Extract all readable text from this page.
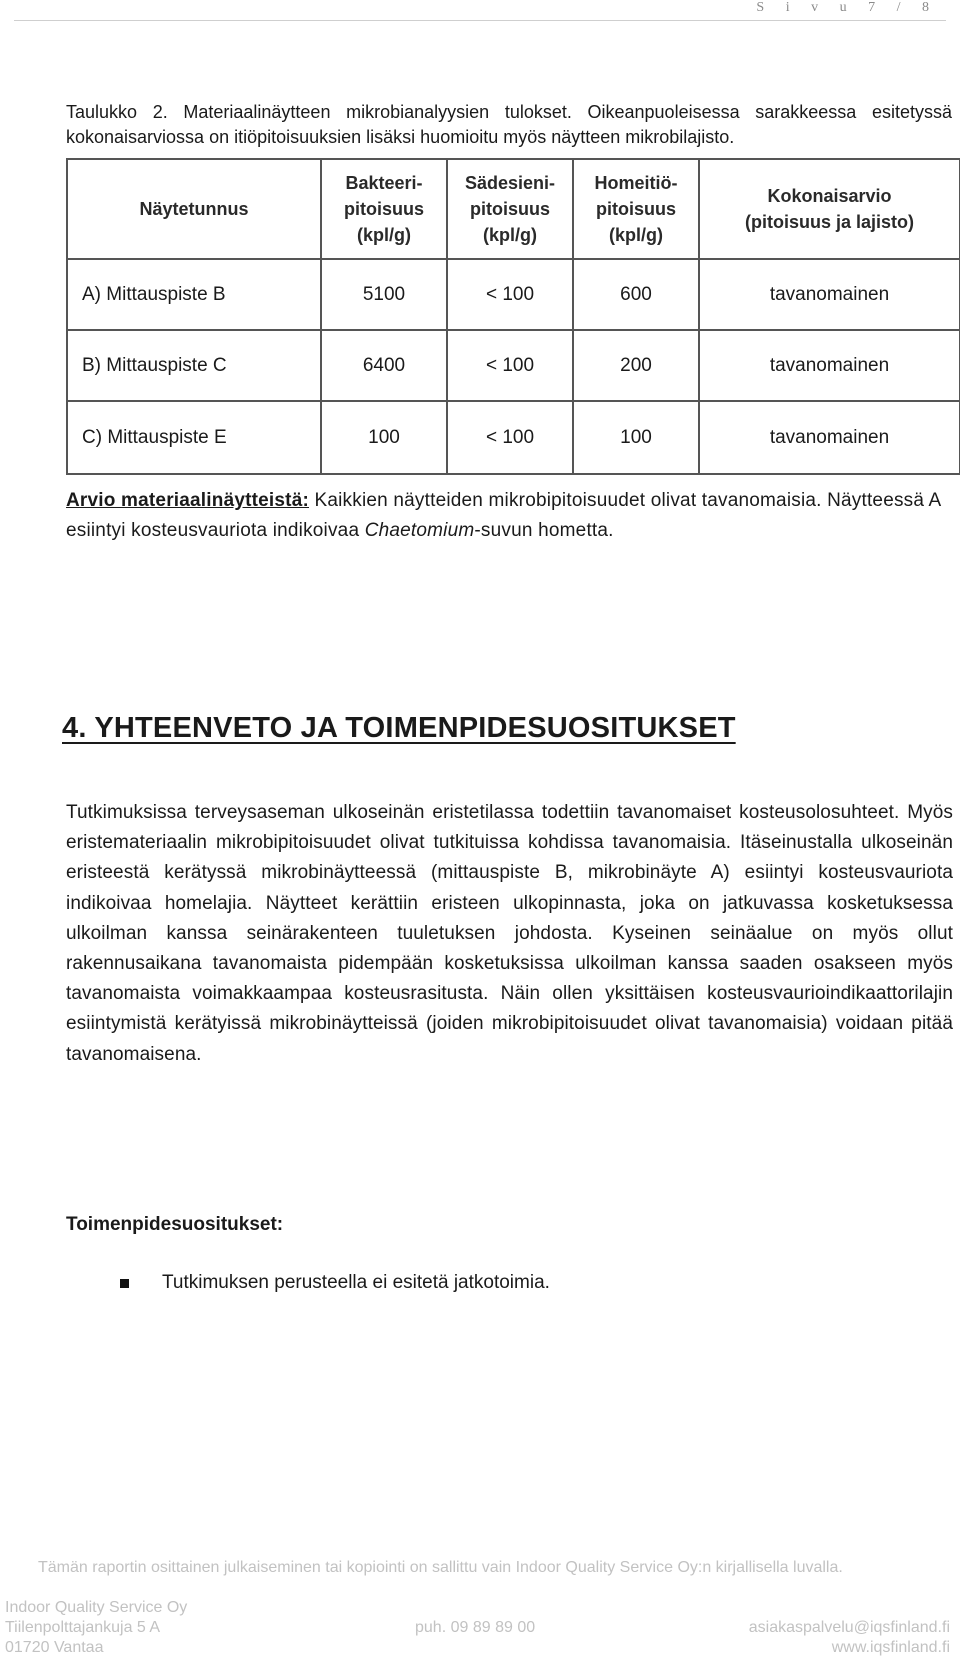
S i v u 7 / 8
Taulukko 2. Materiaalinäytteen mikrobianalyysien tulokset. Oikeanpuoleisessa sarakkeessa esitetyssä kokonaisarviossa on itiöpitoisuuksien lisäksi huomioitu myös näytteen mikrobilajisto.
Näytetunnus	Bakteeri-
pitoisuus
(kpl/g)	Sädesieni-
pitoisuus
(kpl/g)	Homeitiö-
pitoisuus
(kpl/g)	Kokonaisarvio
(pitoisuus ja lajisto)
A) Mittauspiste B	5100	< 100	600	tavanomainen
B) Mittauspiste C	6400	< 100	200	tavanomainen
C) Mittauspiste E	100	< 100	100	tavanomainen
Arvio materiaalinäytteistä: Kaikkien näytteiden mikrobipitoisuudet olivat tavanomaisia. Näytteessä A esiintyi kosteusvauriota indikoivaa Chaetomium-suvun hometta.
4. YHTEENVETO JA TOIMENPIDESUOSITUKSET
Tutkimuksissa terveysaseman ulkoseinän eristetilassa todettiin tavanomaiset kosteusolosuhteet. Myös eristemateriaalin mikrobipitoisuudet olivat tutkituissa kohdissa tavanomaisia. Itäseinustalla ulkoseinän eristeestä kerätyssä mikrobinäytteessä (mittauspiste B, mikrobinäyte A) esiintyi kosteusvauriota indikoivaa homelajia. Näytteet kerättiin eristeen ulkopinnasta, joka on jatkuvassa kosketuksessa ulkoilman kanssa seinärakenteen tuuletuksen johdosta. Kyseinen seinäalue on myös ollut rakennusaikana tavanomaista pidempään kosketuksissa ulkoilman kanssa saaden osakseen myös tavanomaista voimakkaampaa kosteusrasitusta. Näin ollen yksittäisen kosteusvaurioindikaattorilajin esiintymistä kerätyissä mikrobinäytteissä (joiden mikrobipitoisuudet olivat tavanomaisia) voidaan pitää tavanomaisena.
Toimenpidesuositukset:
Tutkimuksen perusteella ei esitetä jatkotoimia.
Tämän raportin osittainen julkaiseminen tai kopiointi on sallittu vain Indoor Quality Service Oy:n kirjallisella luvalla.
Indoor Quality Service Oy
Tiilenpolttajankuja 5 A	puh. 09 89 89 00	asiakaspalvelu@iqsfinland.fi
01720 Vantaa	www.iqsfinland.fi
